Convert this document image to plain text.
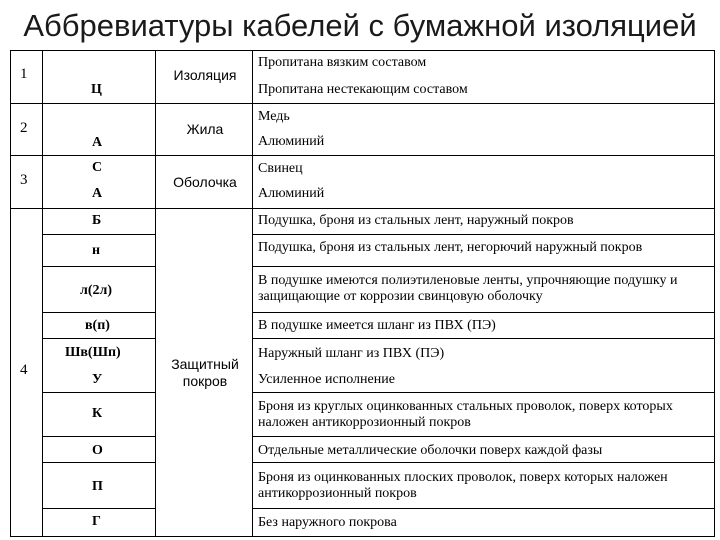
Аббревиатуры кабелей с бумажной изоляцией
1
2
3
4
Изоляция
Жила
Оболочка
Защитный покров
Ц
А
С
А
Б
н
л(2л)
в(п)
Шв(Шп)
У
К
О
П
Г
Пропитана вязким составом
Пропитана нестекающим составом
Медь
Алюминий
Свинец
Алюминий
Подушка, броня из стальных лент, наружный покров
Подушка, броня из стальных лент, негорючий наружный покров
В подушке имеются полиэтиленовые ленты, упрочняющие подушку и защищающие от коррозии свинцовую оболочку
В подушке имеется шланг из ПВХ (ПЭ)
Наружный шланг из ПВХ (ПЭ)
Усиленное исполнение
Броня из круглых оцинкованных стальных проволок, поверх которых наложен антикоррозионный покров
Отдельные металлические оболочки поверх каждой фазы
Броня из оцинкованных плоских проволок, поверх которых наложен антикоррозионный покров
Без наружного покрова
